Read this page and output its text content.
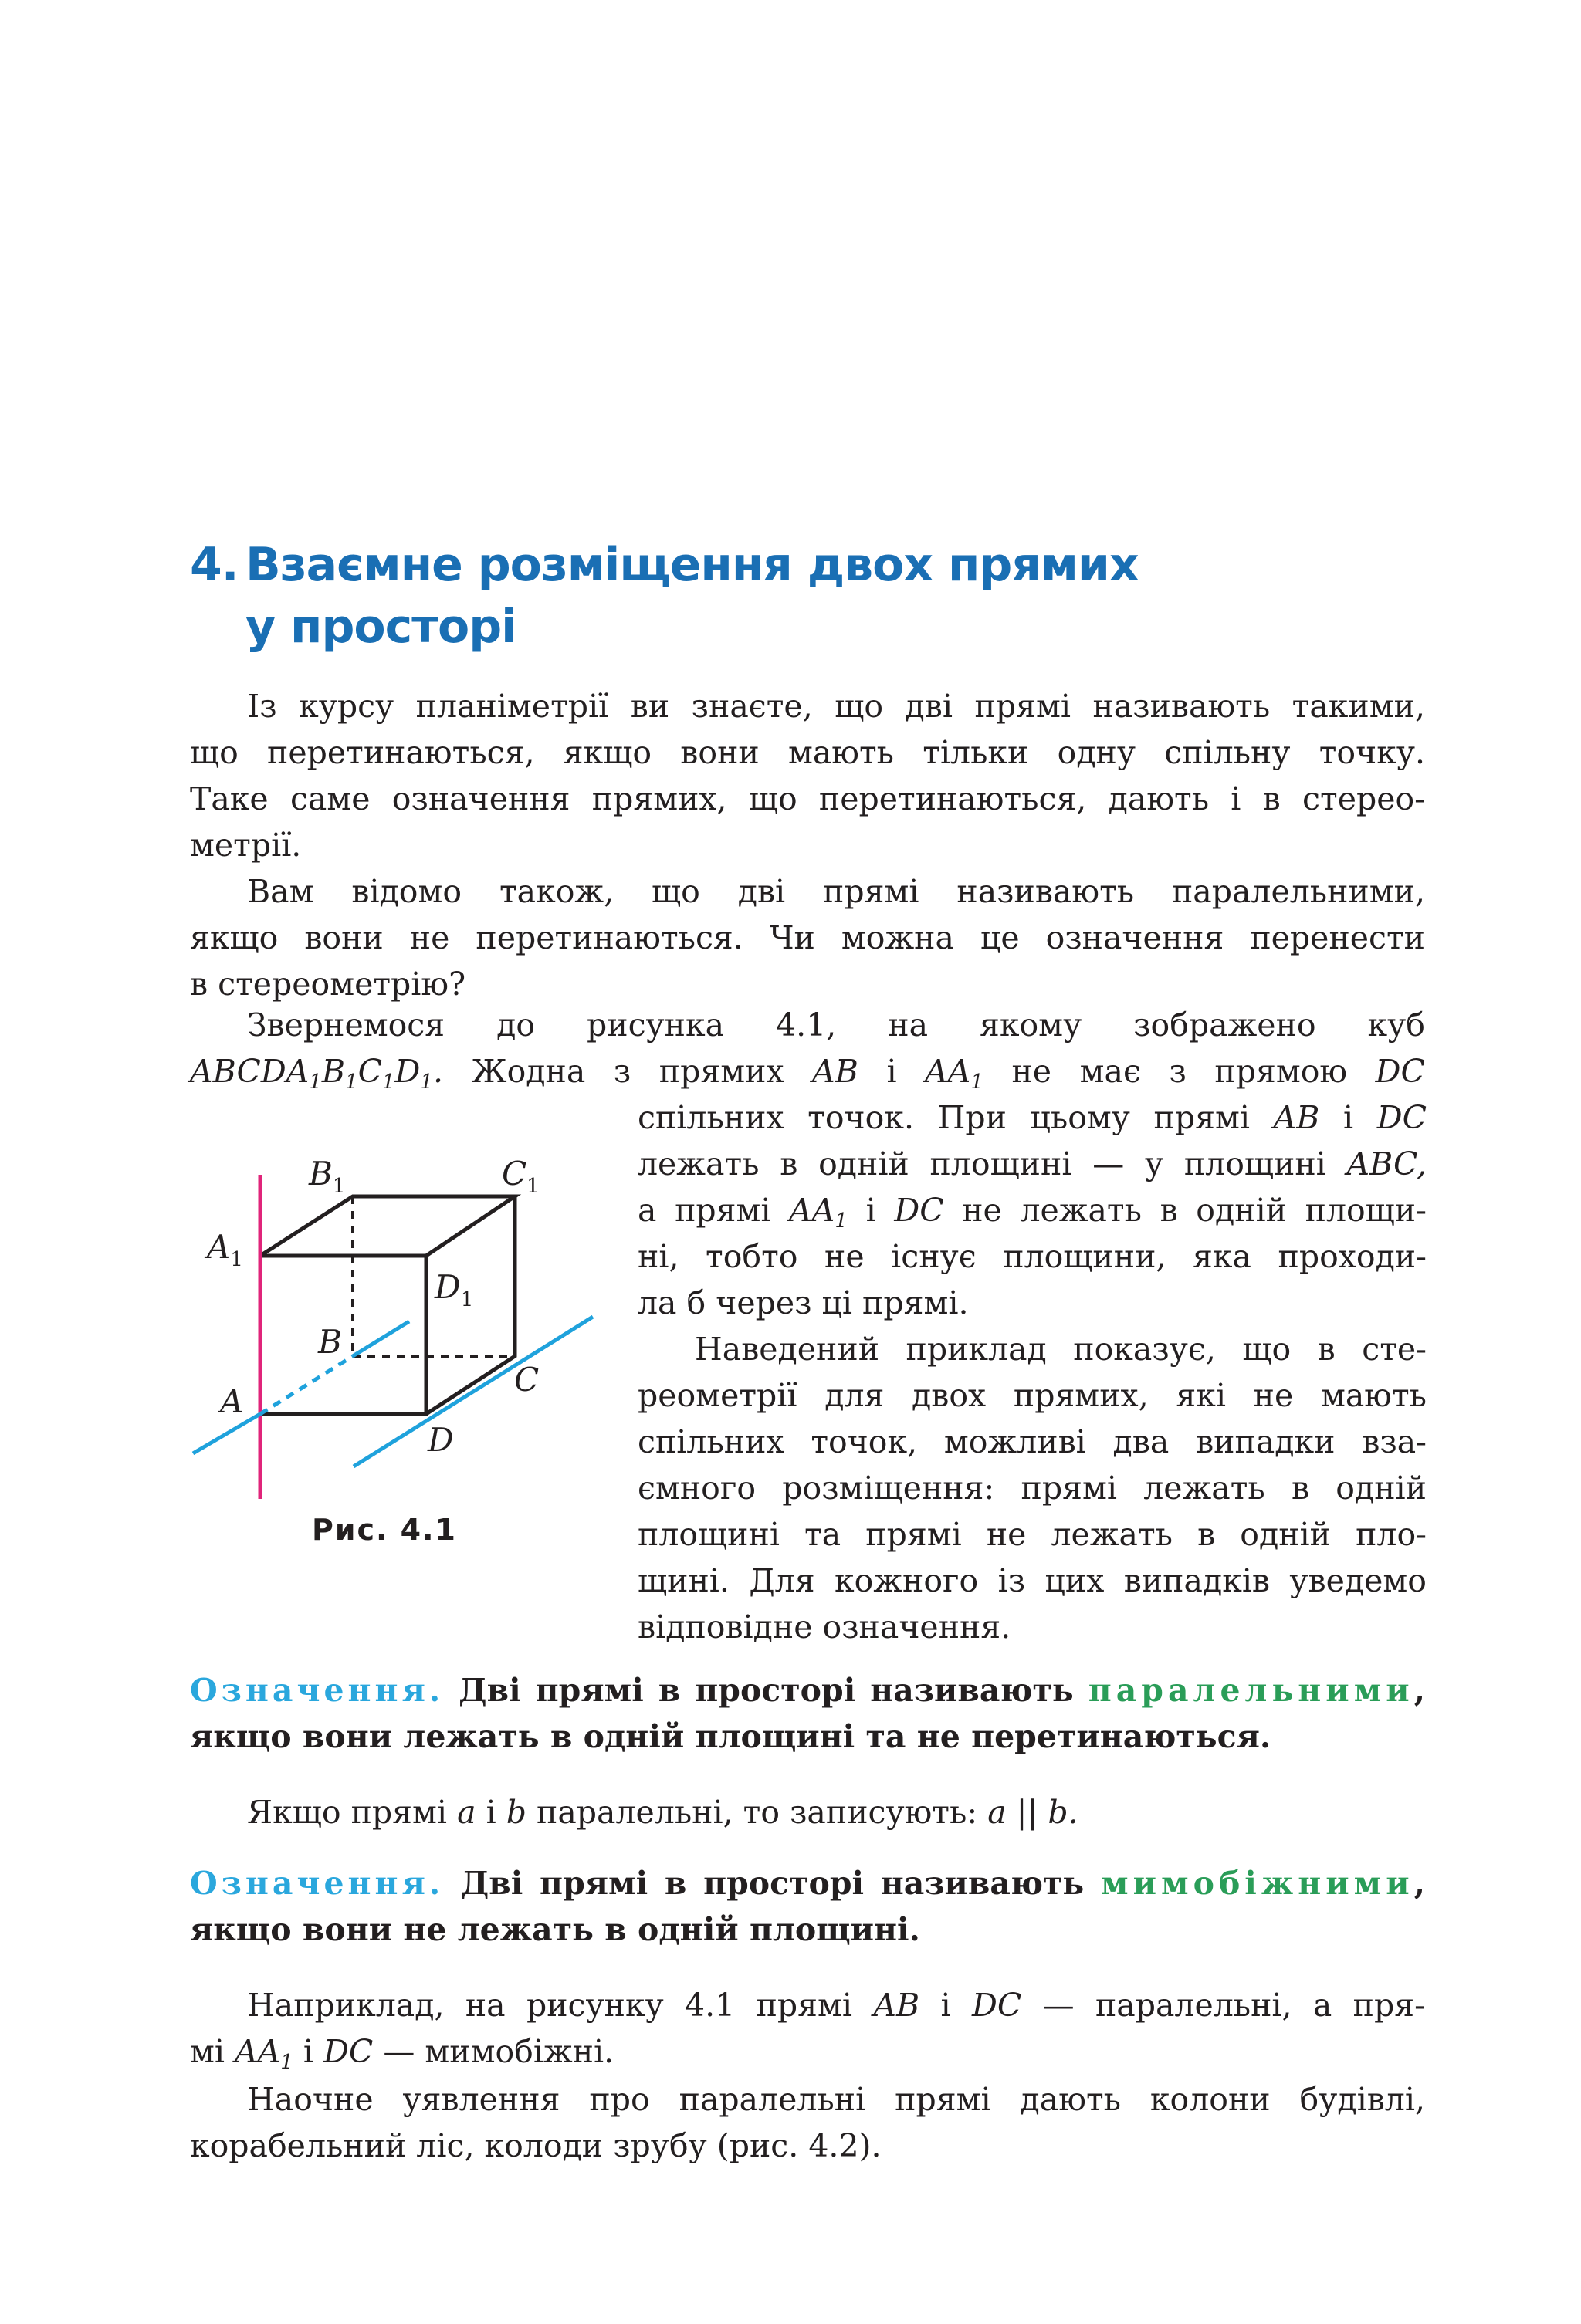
4. Взаємне розміщення двох прямих
у просторі
Із курсу планіметрії ви знаєте, що дві прямі називають такими,
що перетинаються, якщо вони мають тільки одну спільну точку.
Таке саме означення прямих, що перетинаються, дають і в стерео-
метрії.
Вам відомо також, що дві прямі називають паралельними,
якщо вони не перетинаються. Чи можна це означення перенести
в стереометрію?
Звернемося до рисунка 4.1, на якому зображено куб
$ABCDA_1B_1C_1D_1$. Жодна з прямих AB і $AA_1$ не має з прямою DC
спільних точок. При цьому прямі AB і DC
лежать в одній площині — у площині ABC,
а прямі $AA_1$ і DC не лежать в одній площи-
ні, тобто не існує площини, яка проходи-
ла б через ці прямі.
Наведений приклад показує, що в сте-
реометрії для двох прямих, які не мають
спільних точок, можливі два випадки вза-
ємного розміщення: прямі лежать в одній
площині та прямі не лежать в одній пло-
щині. Для кожного із цих випадків уведемо
відповідне означення.
$B_1$	$C_1$
$A_1$
$D_1$
B
C
A
D
Рис. 4.1
Означення. Дві прямі в просторі називають паралельними,
якщо вони лежать в одній площині та не перетинаються.
Якщо прямі a і b паралельні, то записують: a || b.
Означення. Дві прямі в просторі називають мимобіжними,
якщо вони не лежать в одній площині.
Наприклад, на рисунку 4.1 прямі AB і DC — паралельні, а пря-
мі $AA_1$ і DC — мимобіжні.
Наочне уявлення про паралельні прямі дають колони будівлі,
корабельний ліс, колоди зрубу (рис. 4.2).
